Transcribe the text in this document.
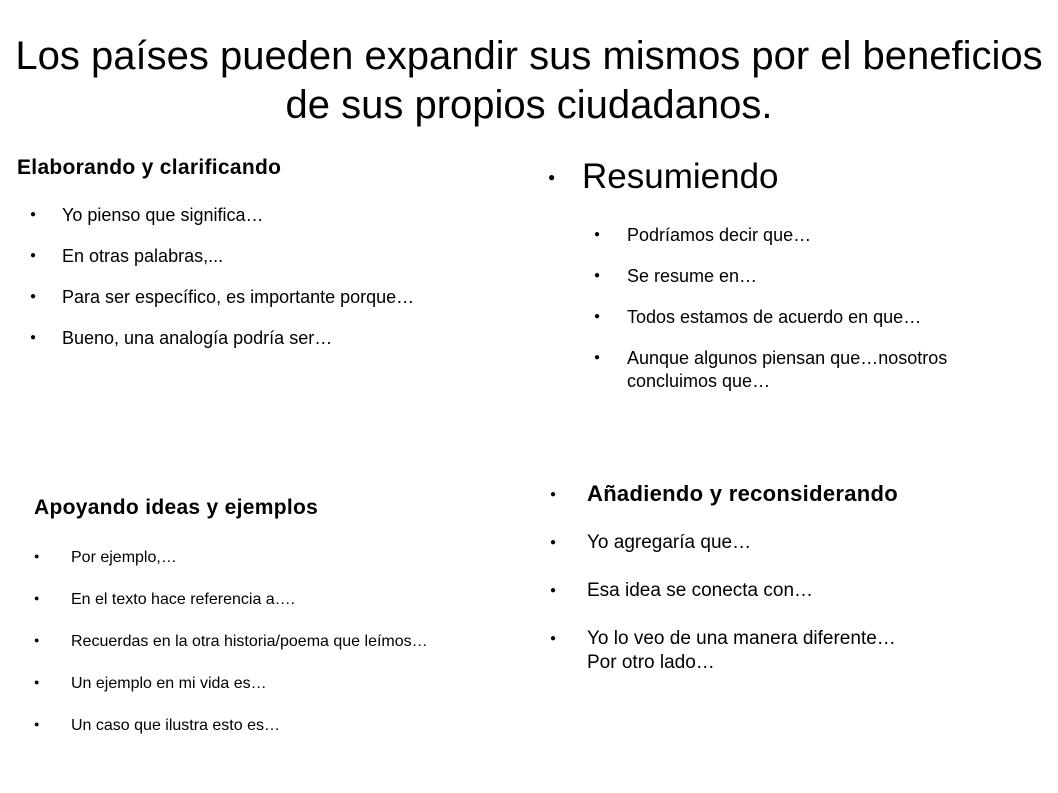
Los países pueden expandir sus mismos por el beneficios de sus propios ciudadanos.
Elaborando y clarificando
● Yo pienso que significa…
● En otras palabras,...
● Para ser específico, es importante porque…
● Bueno, una analogía podría ser…
● Resumiendo
● Podríamos decir que…
● Se resume en…
● Todos estamos de acuerdo en que…
● Aunque algunos piensan que…nosotros concluimos que…
Apoyando ideas y ejemplos
● Por ejemplo,…
● En el texto hace referencia a….
● Recuerdas en la otra historia/poema que leímos…
● Un ejemplo en mi vida es…
● Un caso que ilustra esto es…
● Añadiendo y reconsiderando
● Yo agregaría que…
● Esa idea se conecta con…
● Yo lo veo de una manera diferente…Por otro lado…
